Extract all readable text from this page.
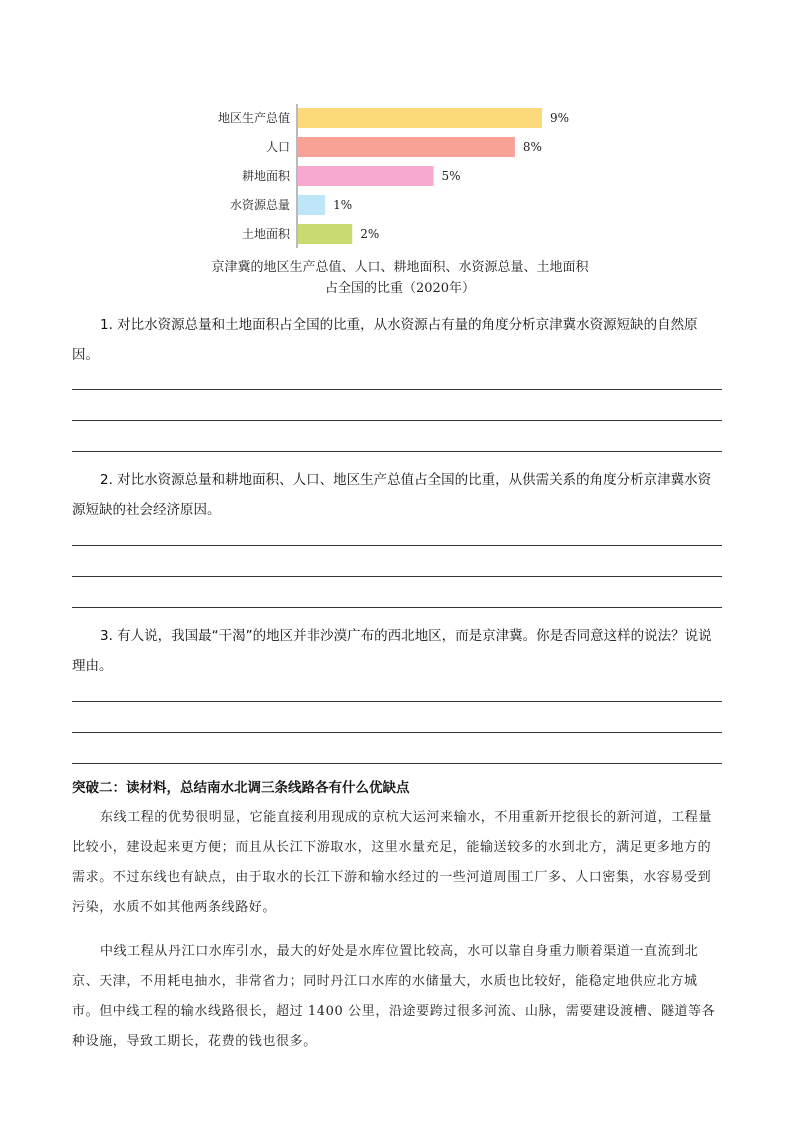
地区生产总值	9%
人口	8%
耕地面积	5%
水资源总量	1%
土地面积	2%
京津冀的地区生产总值、人口、耕地面积、水资源总量、土地面积
占全国的比重（2020年）
1. 对比水资源总量和土地面积占全国的比重，从水资源占有量的角度分析京津冀水资源短缺的自然原因。
2. 对比水资源总量和耕地面积、人口、地区生产总值占全国的比重，从供需关系的角度分析京津冀水资源短缺的社会经济原因。
3. 有人说，我国最“干渴”的地区并非沙漠广布的西北地区，而是京津冀。你是否同意这样的说法？说说理由。
突破二：读材料，总结南水北调三条线路各有什么优缺点
东线工程的优势很明显，它能直接利用现成的京杭大运河来输水，不用重新开挖很长的新河道，工程量比较小，建设起来更方便；而且从长江下游取水，这里水量充足，能输送较多的水到北方，满足更多地方的需求。不过东线也有缺点，由于取水的长江下游和输水经过的一些河道周围工厂多、人口密集，水容易受到污染，水质不如其他两条线路好。
中线工程从丹江口水库引水，最大的好处是水库位置比较高，水可以靠自身重力顺着渠道一直流到北京、天津，不用耗电抽水，非常省力；同时丹江口水库的水储量大，水质也比较好，能稳定地供应北方城市。但中线工程的输水线路很长，超过 1400 公里，沿途要跨过很多河流、山脉，需要建设渡槽、隧道等各种设施，导致工期长，花费的钱也很多。
